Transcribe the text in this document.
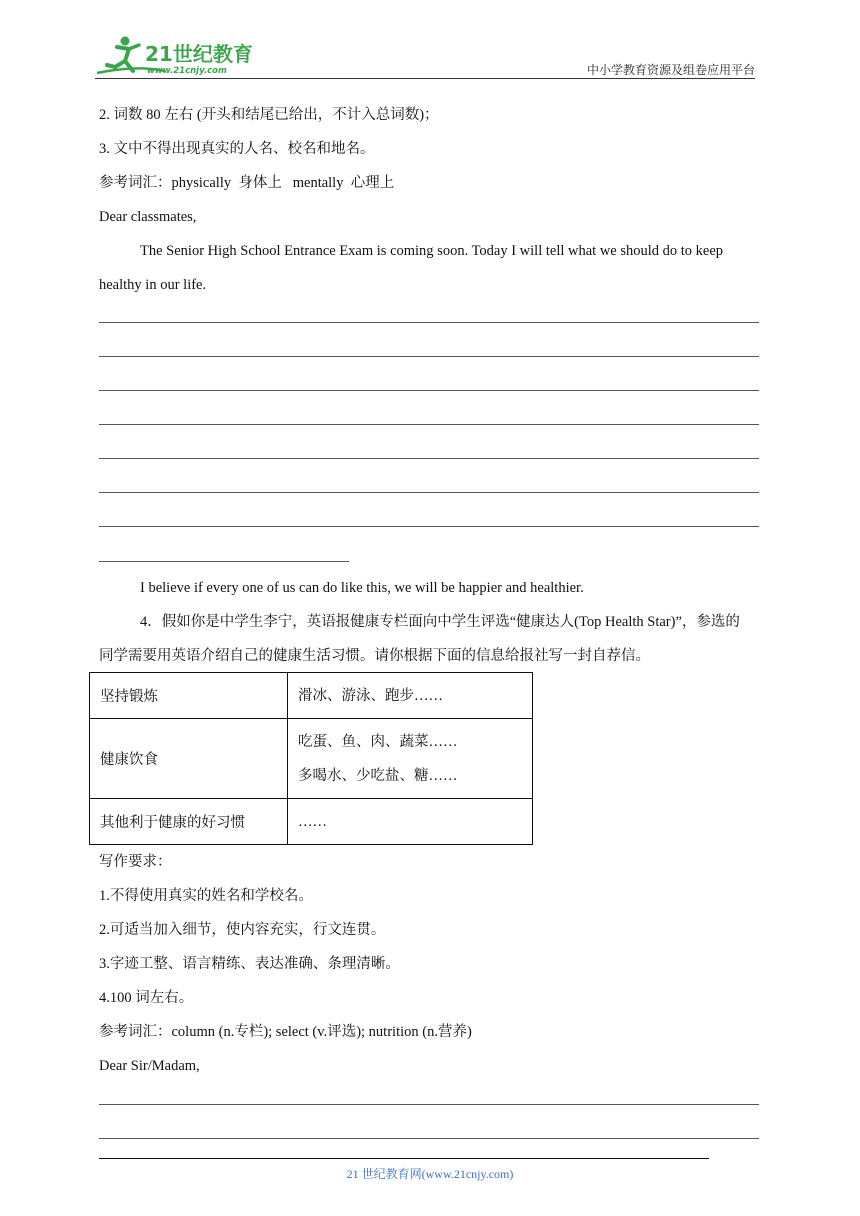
21世纪教育
www.21cnjy.com	中小学教育资源及组卷应用平台
2. 词数 80 左右 (开头和结尾已给出，不计入总词数)；
3. 文中不得出现真实的人名、校名和地名。
参考词汇：physically  身体上   mentally  心理上
Dear classmates,
The Senior High School Entrance Exam is coming soon. Today I will tell what we should do to keep
healthy in our life.
I believe if every one of us can do like this, we will be happier and healthier.
4．假如你是中学生李宁，英语报健康专栏面向中学生评选“健康达人(Top Health Star)”，参选的
同学需要用英语介绍自己的健康生活习惯。请你根据下面的信息给报社写一封自荐信。
坚持锻炼	滑冰、游泳、跑步……

健康饮食	吃蛋、鱼、肉、蔬菜……
多喝水、少吃盐、糖……

其他利于健康的好习惯	……
写作要求：
1.不得使用真实的姓名和学校名。
2.可适当加入细节，使内容充实，行文连贯。
3.字迹工整、语言精练、表达准确、条理清晰。
4.100 词左右。
参考词汇：column (n.专栏); select (v.评选); nutrition (n.营养)
Dear Sir/Madam,
21 世纪教育网(www.21cnjy.com)
